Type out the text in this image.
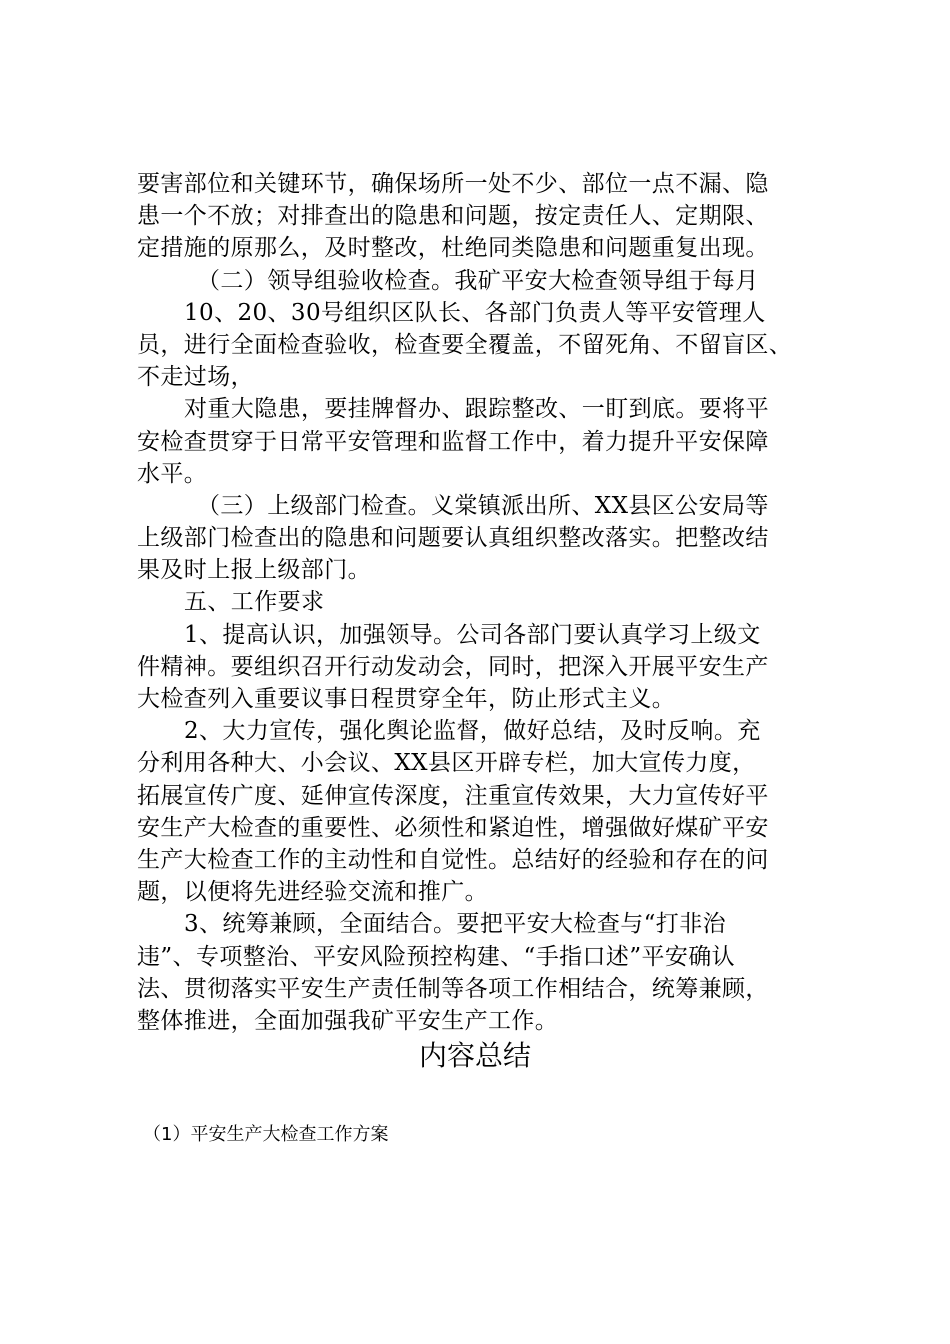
要害部位和关键环节，确保场所一处不少、部位一点不漏、隐
患一个不放；对排查出的隐患和问题，按定责任人、定期限、
定措施的原那么，及时整改，杜绝同类隐患和问题重复出现。
（二）领导组验收检查。我矿平安大检查领导组于每月
10、20、30号组织区队长、各部门负责人等平安管理人
员，进行全面检查验收，检查要全覆盖，不留死角、不留盲区、
不走过场，
对重大隐患，要挂牌督办、跟踪整改、一盯到底。要将平
安检查贯穿于日常平安管理和监督工作中，着力提升平安保障
水平。
（三）上级部门检查。义棠镇派出所、XX县区公安局等
上级部门检查出的隐患和问题要认真组织整改落实。把整改结
果及时上报上级部门。
五、工作要求
1、提高认识，加强领导。公司各部门要认真学习上级文
件精神。要组织召开行动发动会，同时，把深入开展平安生产
大检查列入重要议事日程贯穿全年，防止形式主义。
2、大力宣传，强化舆论监督，做好总结，及时反响。充
分利用各种大、小会议、XX县区开辟专栏，加大宣传力度，
拓展宣传广度、延伸宣传深度，注重宣传效果，大力宣传好平
安生产大检查的重要性、必须性和紧迫性，增强做好煤矿平安
生产大检查工作的主动性和自觉性。总结好的经验和存在的问
题，以便将先进经验交流和推广。
3、统筹兼顾，全面结合。要把平安大检查与“打非治
违”、专项整治、平安风险预控构建、“手指口述”平安确认
法、贯彻落实平安生产责任制等各项工作相结合，统筹兼顾，
整体推进，全面加强我矿平安生产工作。
内容总结
（1）平安生产大检查工作方案
